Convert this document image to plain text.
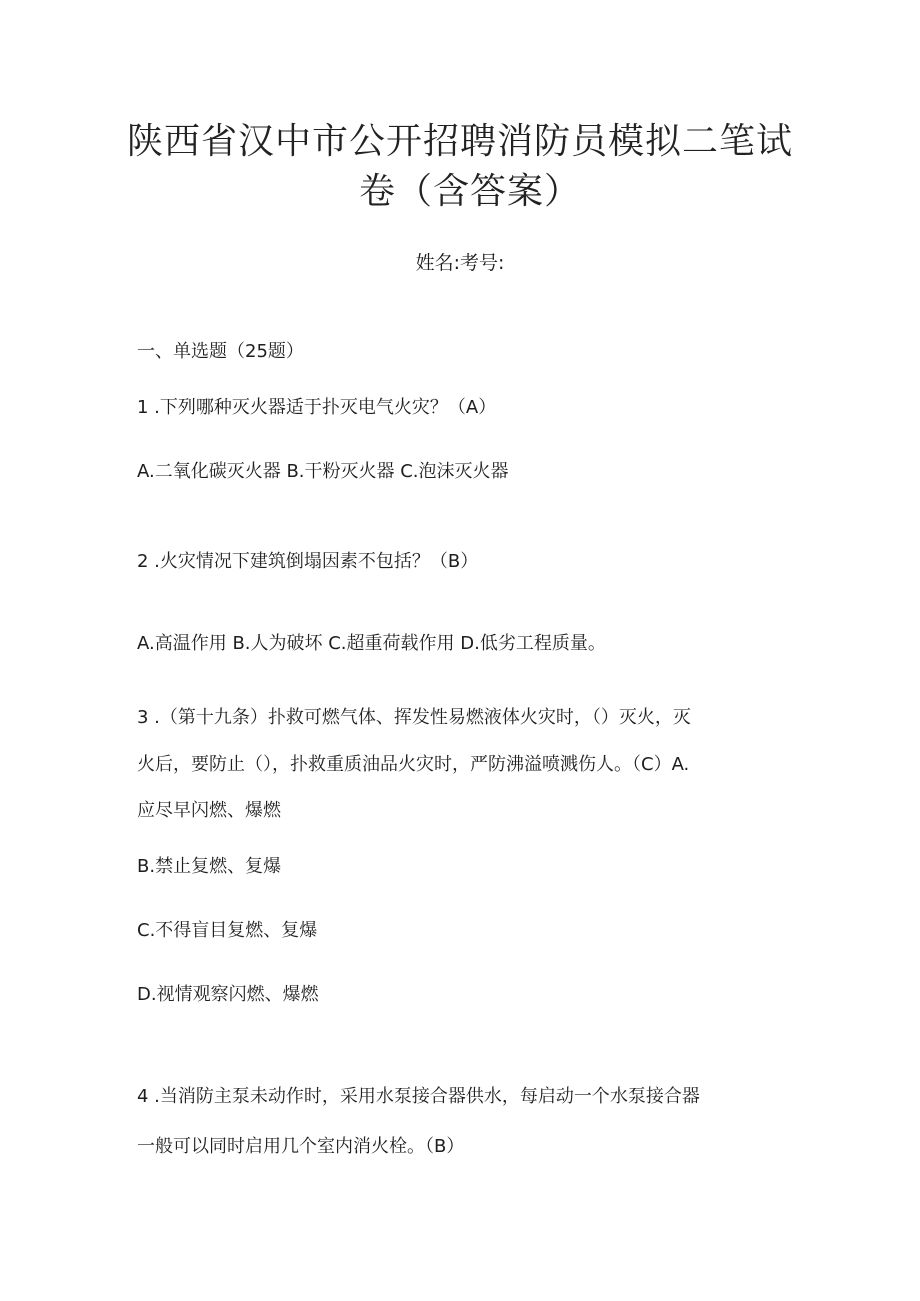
陕西省汉中市公开招聘消防员模拟二笔试
卷（含答案）
姓名:考号:
一、单选题（25题）
1 .下列哪种灭火器适于扑灭电气火灾？（A）
A.二氧化碳灭火器 B.干粉灭火器 C.泡沫灭火器
2 .火灾情况下建筑倒塌因素不包括？（B）
A.高温作用 B.人为破坏 C.超重荷载作用 D.低劣工程质量。
3 .（第十九条）扑救可燃气体、挥发性易燃液体火灾时，（）灭火，灭
火后，要防止（），扑救重质油品火灾时，严防沸溢喷溅伤人。（C）A.
应尽早闪燃、爆燃
B.禁止复燃、复爆
C.不得盲目复燃、复爆
D.视情观察闪燃、爆燃
4 .当消防主泵未动作时，采用水泵接合器供水，每启动一个水泵接合器
一般可以同时启用几个室内消火栓。（B）
